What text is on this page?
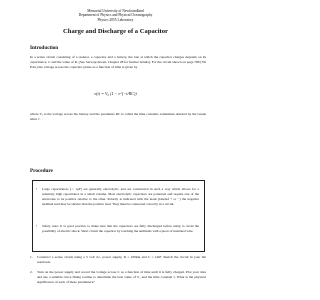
Memorial University of Newfoundland
Department of Physics and Physical Oceanography
Physics 2055 Laboratory
Charge and Discharge of a Capacitor
Introduction
In a series circuit consisting of a resistor, a capacitor and a battery, the rate at which the capacitor charges depends on its capacitance, C and the value of R. [See Serway/Jewett, Chapter 28 for further details]. For the circuit shown on page 789 (7th Edn.) the voltage across the capacitor plates as a function of time is given by
v(t) = V₀ (1 − e^(−t/RC))
where V₀ is the voltage across the battery and the parameter RC is called the time constant, sometimes denoted by the Greek letter τ.
Procedure
•	Large capacitances (∼ 1μF) are generally electrolytic, and are constructed in such a way which allows for a relatively high capacitance in a small volume. Most electrolytic capacitors are polarized and require one of the electrodes to be positive relative to the other. Polarity is indicated with the leads (labeled + or −) the negative terminal lead may be shorter than the positive lead. They must be connected correctly in a circuit.
•	Safety note: It is good practice to make sure that the capacitors are fully discharged before using to avoid the possibility of electric shock. Short circuit the capacitor by touching the terminals with a piece of insulated wire.
1.	Construct a series circuit using a 5 volt d.c. power supply, R = 100kΩ and C = 1mF. Sketch the circuit in your lab notebook.
2.	Turn on the power supply and record the voltage across C as a function of time until it is fully charged. Plot your data and use a suitable curve fitting routine to determine the best value of V₀ and the time constant τ. What is the physical significance of each of these parameters?
